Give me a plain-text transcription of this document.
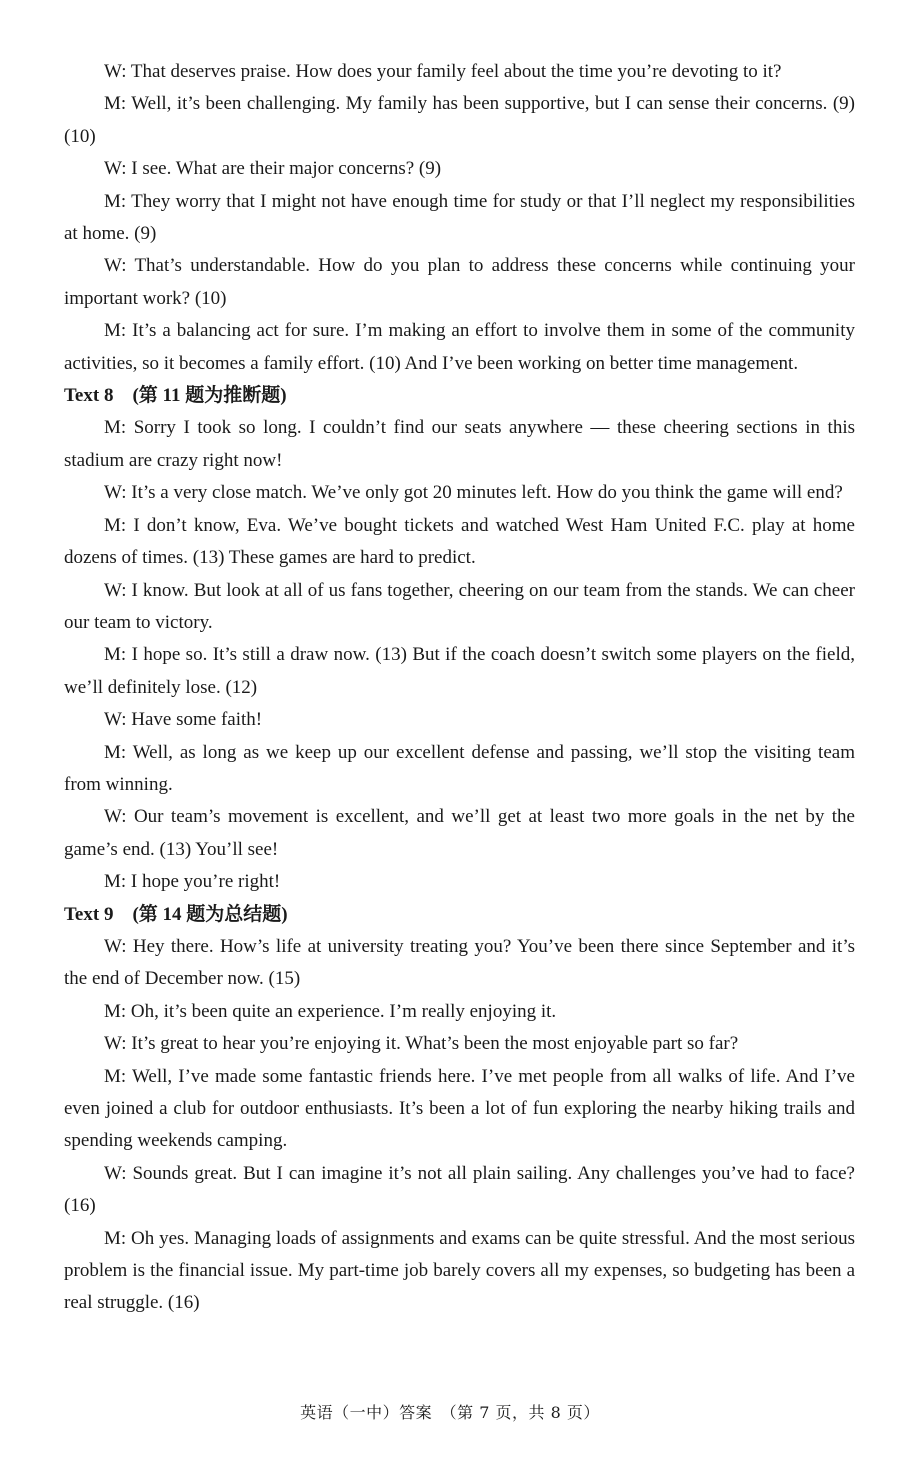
W: That deserves praise. How does your family feel about the time you’re devoting to it?

M: Well, it’s been challenging. My family has been supportive, but I can sense their concerns. (9) (10)

W: I see. What are their major concerns? (9)

M: They worry that I might not have enough time for study or that I’ll neglect my responsibilities at home. (9)

W: That’s understandable. How do you plan to address these concerns while continuing your important work? (10)

M: It’s a balancing act for sure. I’m making an effort to involve them in some of the community activities, so it becomes a family effort. (10) And I’ve been working on better time management.

Text 8　(第 11 题为推断题)

M: Sorry I took so long. I couldn’t find our seats anywhere — these cheering sections in this stadium are crazy right now!

W: It’s a very close match. We’ve only got 20 minutes left. How do you think the game will end?

M: I don’t know, Eva. We’ve bought tickets and watched West Ham United F.C. play at home dozens of times. (13) These games are hard to predict.

W: I know. But look at all of us fans together, cheering on our team from the stands. We can cheer our team to victory.

M: I hope so. It’s still a draw now. (13) But if the coach doesn’t switch some players on the field, we’ll definitely lose. (12)

W: Have some faith!

M: Well, as long as we keep up our excellent defense and passing, we’ll stop the visiting team from winning.

W: Our team’s movement is excellent, and we’ll get at least two more goals in the net by the game’s end. (13) You’ll see!

M: I hope you’re right!

Text 9　(第 14 题为总结题)

W: Hey there. How’s life at university treating you? You’ve been there since September and it’s the end of December now. (15)

M: Oh, it’s been quite an experience. I’m really enjoying it.

W: It’s great to hear you’re enjoying it. What’s been the most enjoyable part so far?

M: Well, I’ve made some fantastic friends here. I’ve met people from all walks of life. And I’ve even joined a club for outdoor enthusiasts. It’s been a lot of fun exploring the nearby hiking trails and spending weekends camping.

W: Sounds great. But I can imagine it’s not all plain sailing. Any challenges you’ve had to face? (16)

M: Oh yes. Managing loads of assignments and exams can be quite stressful. And the most serious problem is the financial issue. My part-time job barely covers all my expenses, so budgeting has been a real struggle. (16)

英语（一中）答案　（第 7 页，共 8 页）
